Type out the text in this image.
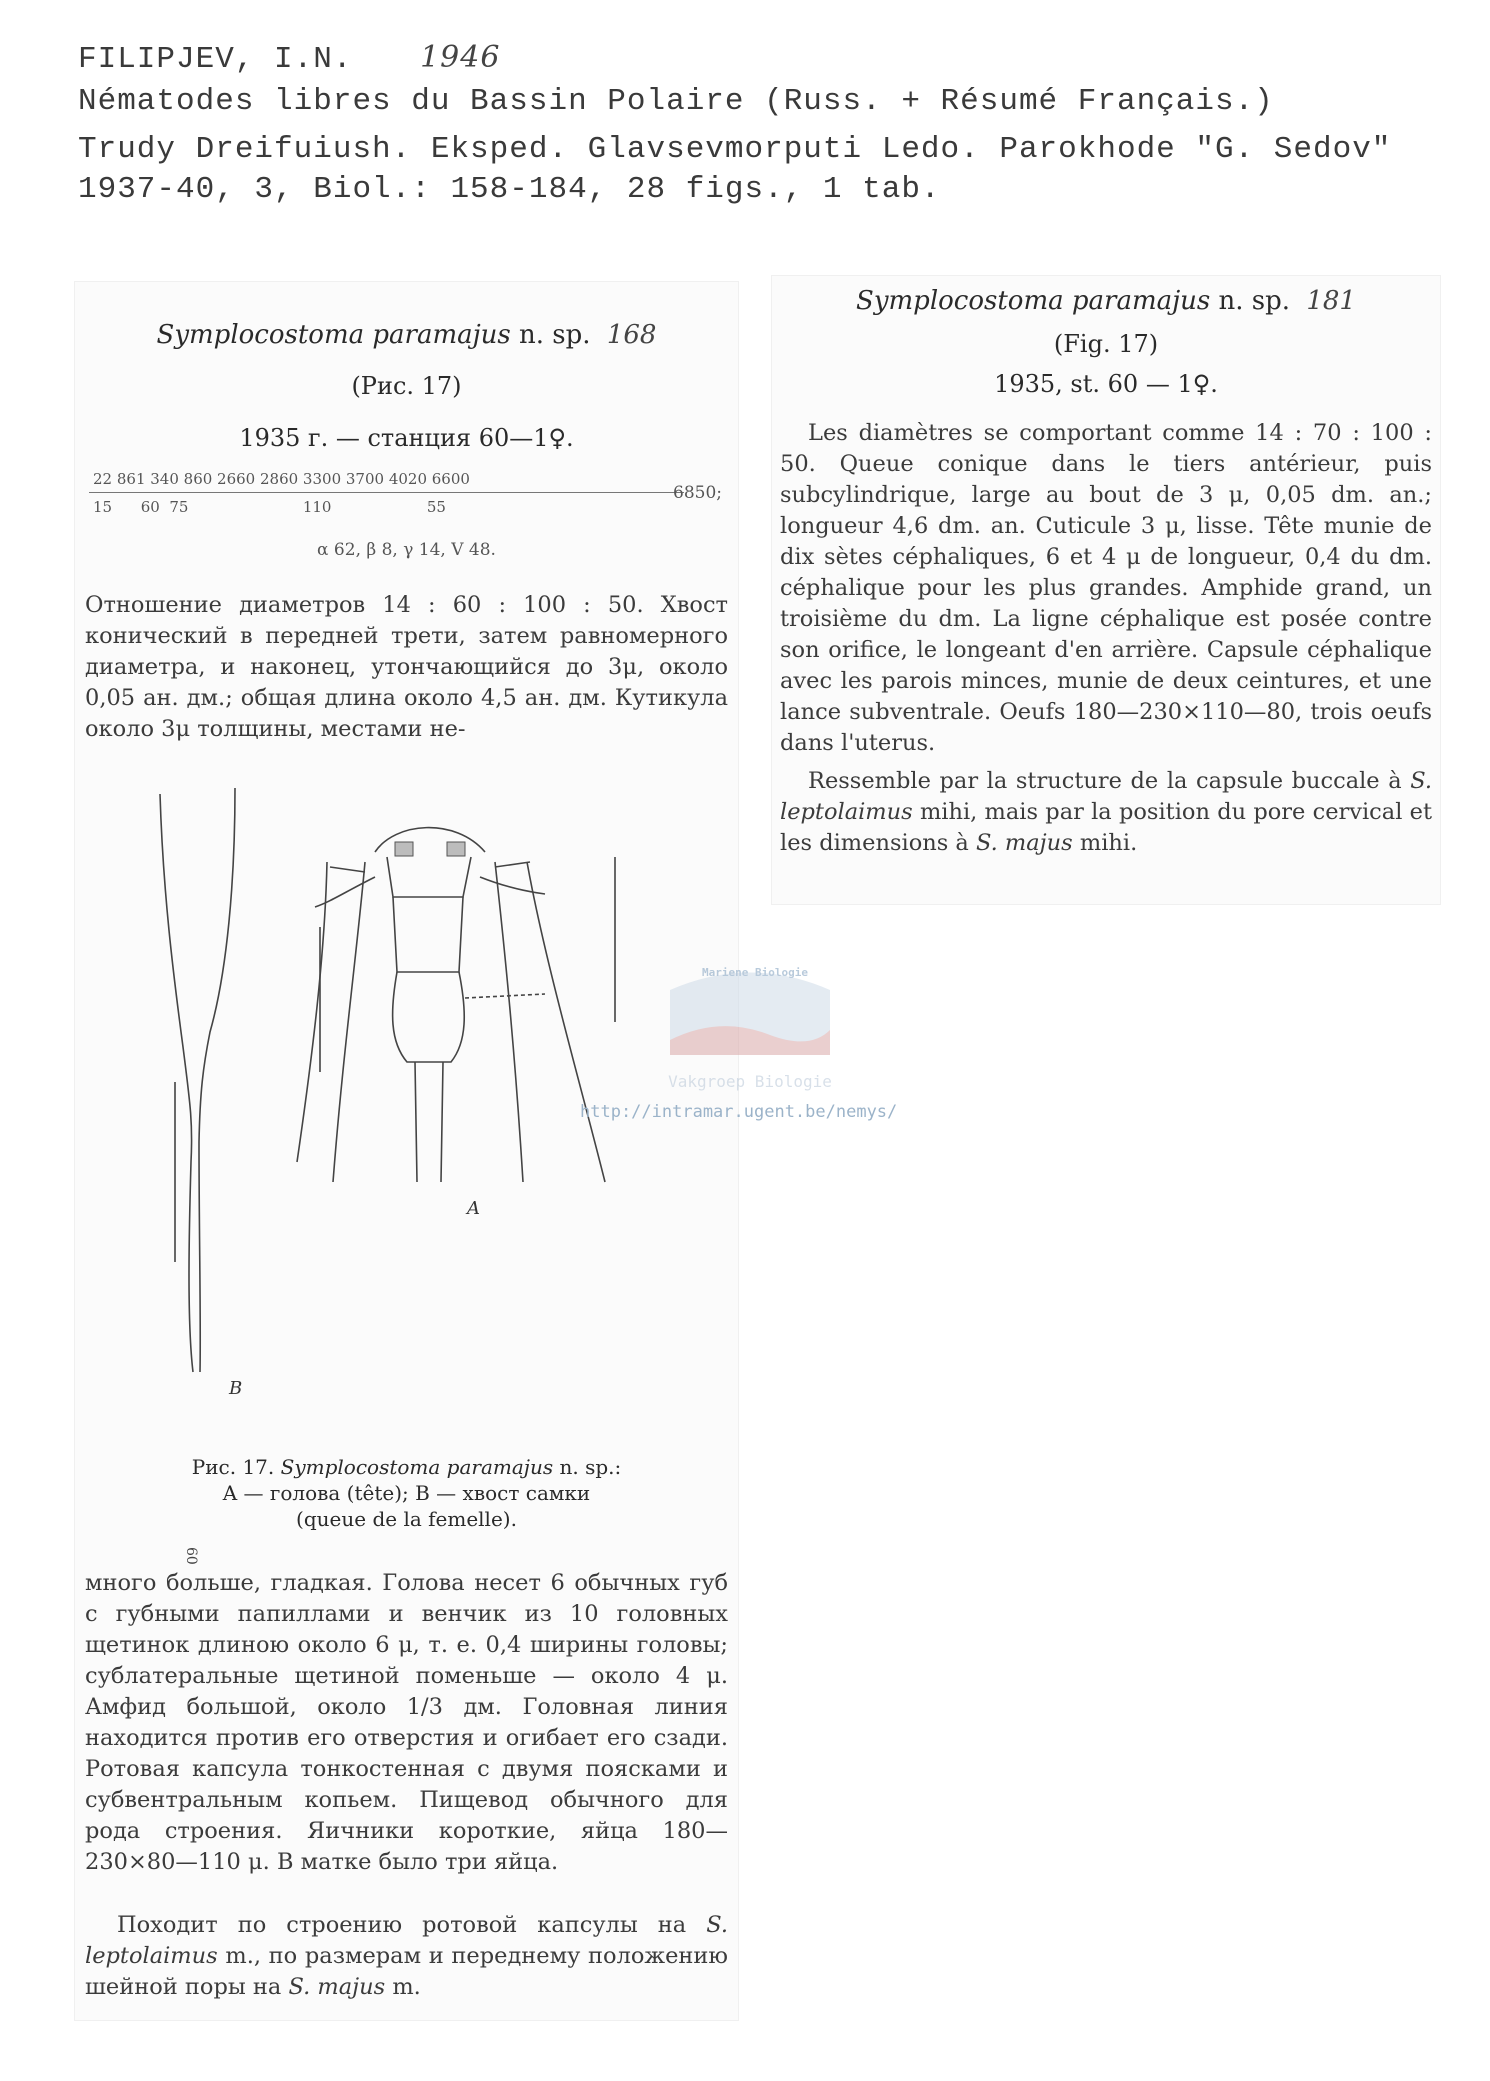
FILIPJEV, I.N. 1946
Nématodes libres du Bassin Polaire (Russ. + Résumé Français.)
Trudy Dreifuiush. Eksped. Glavsevmorputi Ledo. Parokhode "G. Sedov"
1937-40, 3, Biol.: 158-184, 28 figs., 1 tab.
Symplocostoma paramajus n. sp. 168
(Рис. 17)
1935 г. — станция 60—1♀.
22 861 340 860 2660 2860 3300 3700 4020 6600
15      60  75                        110                    55
6850;
α 62, β 8, γ 14, V 48.
Отношение диаметров 14 : 60 : 100 : 50. Хвост конический в передней трети, затем равномерного диаметра, и наконец, утончающийся до 3μ, около 0,05 ан. дм.; общая длина около 4,5 ан. дм. Кутикула около 3μ толщины, местами не-
A
B
60
Рис. 17. Symplocostoma paramajus n. sp.:
A — голова (tête); B — хвост самки
(queue de la femelle).
много больше, гладкая. Голова несет 6 обычных губ с губными папиллами и венчик из 10 головных щетинок длиною около 6 μ, т. е. 0,4 ширины головы; сублатеральные щетиной поменьше — около 4 μ. Амфид большой, около 1/3 дм. Головная линия находится против его отверстия и огибает его сзади. Ротовая капсула тонкостенная с двумя поясками и субвентральным копьем. Пищевод обычного для рода строения. Яичники короткие, яйца 180—230×80—110 μ. В матке было три яйца.
Походит по строению ротовой капсулы на S. leptolaimus m., по размерам и переднему положению шейной поры на S. majus m.
Symplocostoma paramajus n. sp. 181
(Fig. 17)
1935, st. 60 — 1♀.
Les diamètres se comportant comme 14 : 70 : 100 : 50. Queue conique dans le tiers antérieur, puis subcylindrique, large au bout de 3 μ, 0,05 dm. an.; longueur 4,6 dm. an. Cuticule 3 μ, lisse. Tête munie de dix sètes céphaliques, 6 et 4 μ de longueur, 0,4 du dm. céphalique pour les plus grandes. Amphide grand, un troisième du dm. La ligne céphalique est posée contre son orifice, le longeant d'en arrière. Capsule céphalique avec les parois minces, munie de deux ceintures, et une lance subventrale. Oeufs 180—230×110—80, trois oeufs dans l'uterus.
Ressemble par la structure de la capsule buccale à S. leptolaimus mihi, mais par la position du pore cervical et les dimensions à S. majus mihi.
Mariene Biologie
Vakgroep Biologie
http://intramar.ugent.be/nemys/
